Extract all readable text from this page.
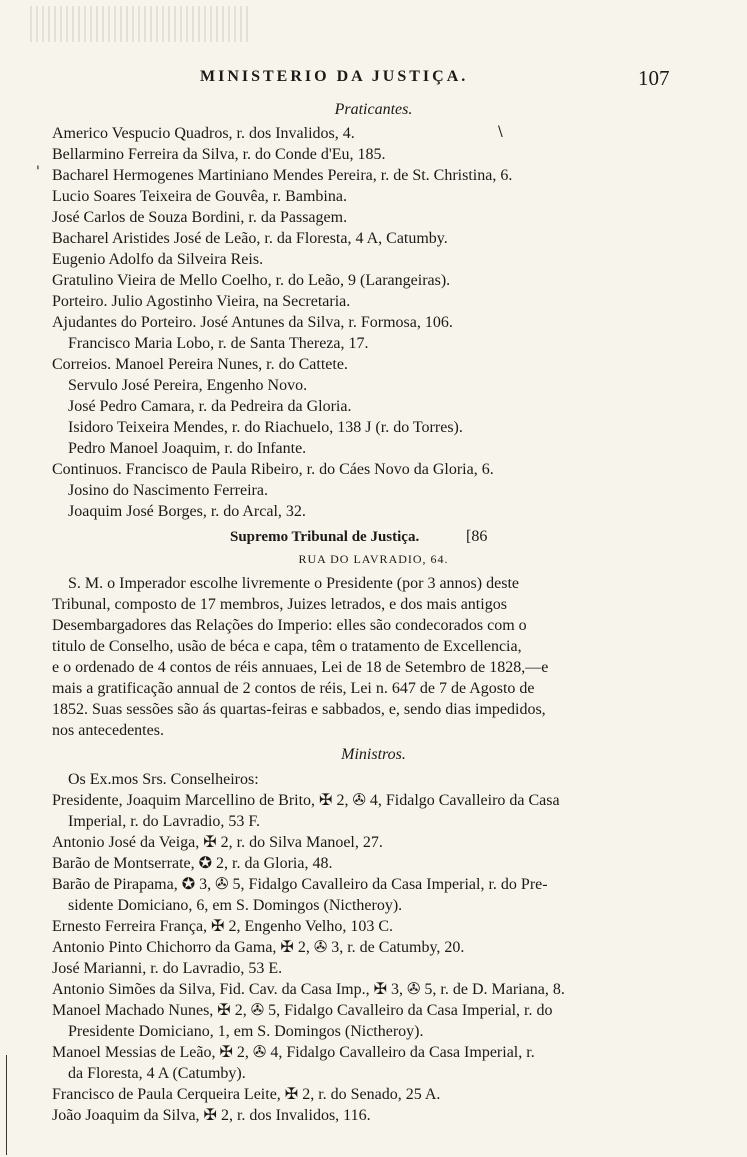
MINISTERIO DA JUSTIÇA.	107
Praticantes.
Americo Vespucio Quadros, r. dos Invalidos, 4.	\
Bellarmino Ferreira da Silva, r. do Conde d'Eu, 185.
' Bacharel Hermogenes Martiniano Mendes Pereira, r. de St. Christina, 6.
Lucio Soares Teixeira de Gouvêa, r. Bambina.
José Carlos de Souza Bordini, r. da Passagem.
Bacharel Aristides José de Leão, r. da Floresta, 4 A, Catumby.
Eugenio Adolfo da Silveira Reis.
Gratulino Vieira de Mello Coelho, r. do Leão, 9 (Larangeiras).
Porteiro. Julio Agostinho Vieira, na Secretaria.
Ajudantes do Porteiro. José Antunes da Silva, r. Formosa, 106.
Francisco Maria Lobo, r. de Santa Thereza, 17.
Correios. Manoel Pereira Nunes, r. do Cattete.
Servulo José Pereira, Engenho Novo.
José Pedro Camara, r. da Pedreira da Gloria.
Isidoro Teixeira Mendes, r. do Riachuelo, 138 J (r. do Torres).
Pedro Manoel Joaquim, r. do Infante.
Continuos. Francisco de Paula Ribeiro, r. do Cáes Novo da Gloria, 6.
Josino do Nascimento Ferreira.
Joaquim José Borges, r. do Arcal, 32.
Supremo Tribunal de Justiça.	[86
RUA DO LAVRADIO, 64.
S. M. o Imperador escolhe livremente o Presidente (por 3 annos) deste
Tribunal, composto de 17 membros, Juizes letrados, e dos mais antigos
Desembargadores das Relações do Imperio: elles são condecorados com o
titulo de Conselho, usão de béca e capa, têm o tratamento de Excellencia,
e o ordenado de 4 contos de réis annuaes, Lei de 18 de Setembro de 1828,—e
mais a gratificação annual de 2 contos de réis, Lei n. 647 de 7 de Agosto de
1852. Suas sessões são ás quartas-feiras e sabbados, e, sendo dias impedidos,
nos antecedentes.
Ministros.
Os Ex.mos Srs. Conselheiros:
Presidente, Joaquim Marcellino de Brito, ✠ 2, ✇ 4, Fidalgo Cavalleiro da Casa
Imperial, r. do Lavradio, 53 F.
Antonio José da Veiga, ✠ 2, r. do Silva Manoel, 27.
Barão de Montserrate, ✪ 2, r. da Gloria, 48.
Barão de Pirapama, ✪ 3, ✇ 5, Fidalgo Cavalleiro da Casa Imperial, r. do Pre-
sidente Domiciano, 6, em S. Domingos (Nictheroy).
Ernesto Ferreira França, ✠ 2, Engenho Velho, 103 C.
Antonio Pinto Chichorro da Gama, ✠ 2, ✇ 3, r. de Catumby, 20.
José Marianni, r. do Lavradio, 53 E.
Antonio Simões da Silva, Fid. Cav. da Casa Imp., ✠ 3, ✇ 5, r. de D. Mariana, 8.
Manoel Machado Nunes, ✠ 2, ✇ 5, Fidalgo Cavalleiro da Casa Imperial, r. do
Presidente Domiciano, 1, em S. Domingos (Nictheroy).
Manoel Messias de Leão, ✠ 2, ✇ 4, Fidalgo Cavalleiro da Casa Imperial, r.
da Floresta, 4 A (Catumby).
Francisco de Paula Cerqueira Leite, ✠ 2, r. do Senado, 25 A.
João Joaquim da Silva, ✠ 2, r. dos Invalidos, 116.
